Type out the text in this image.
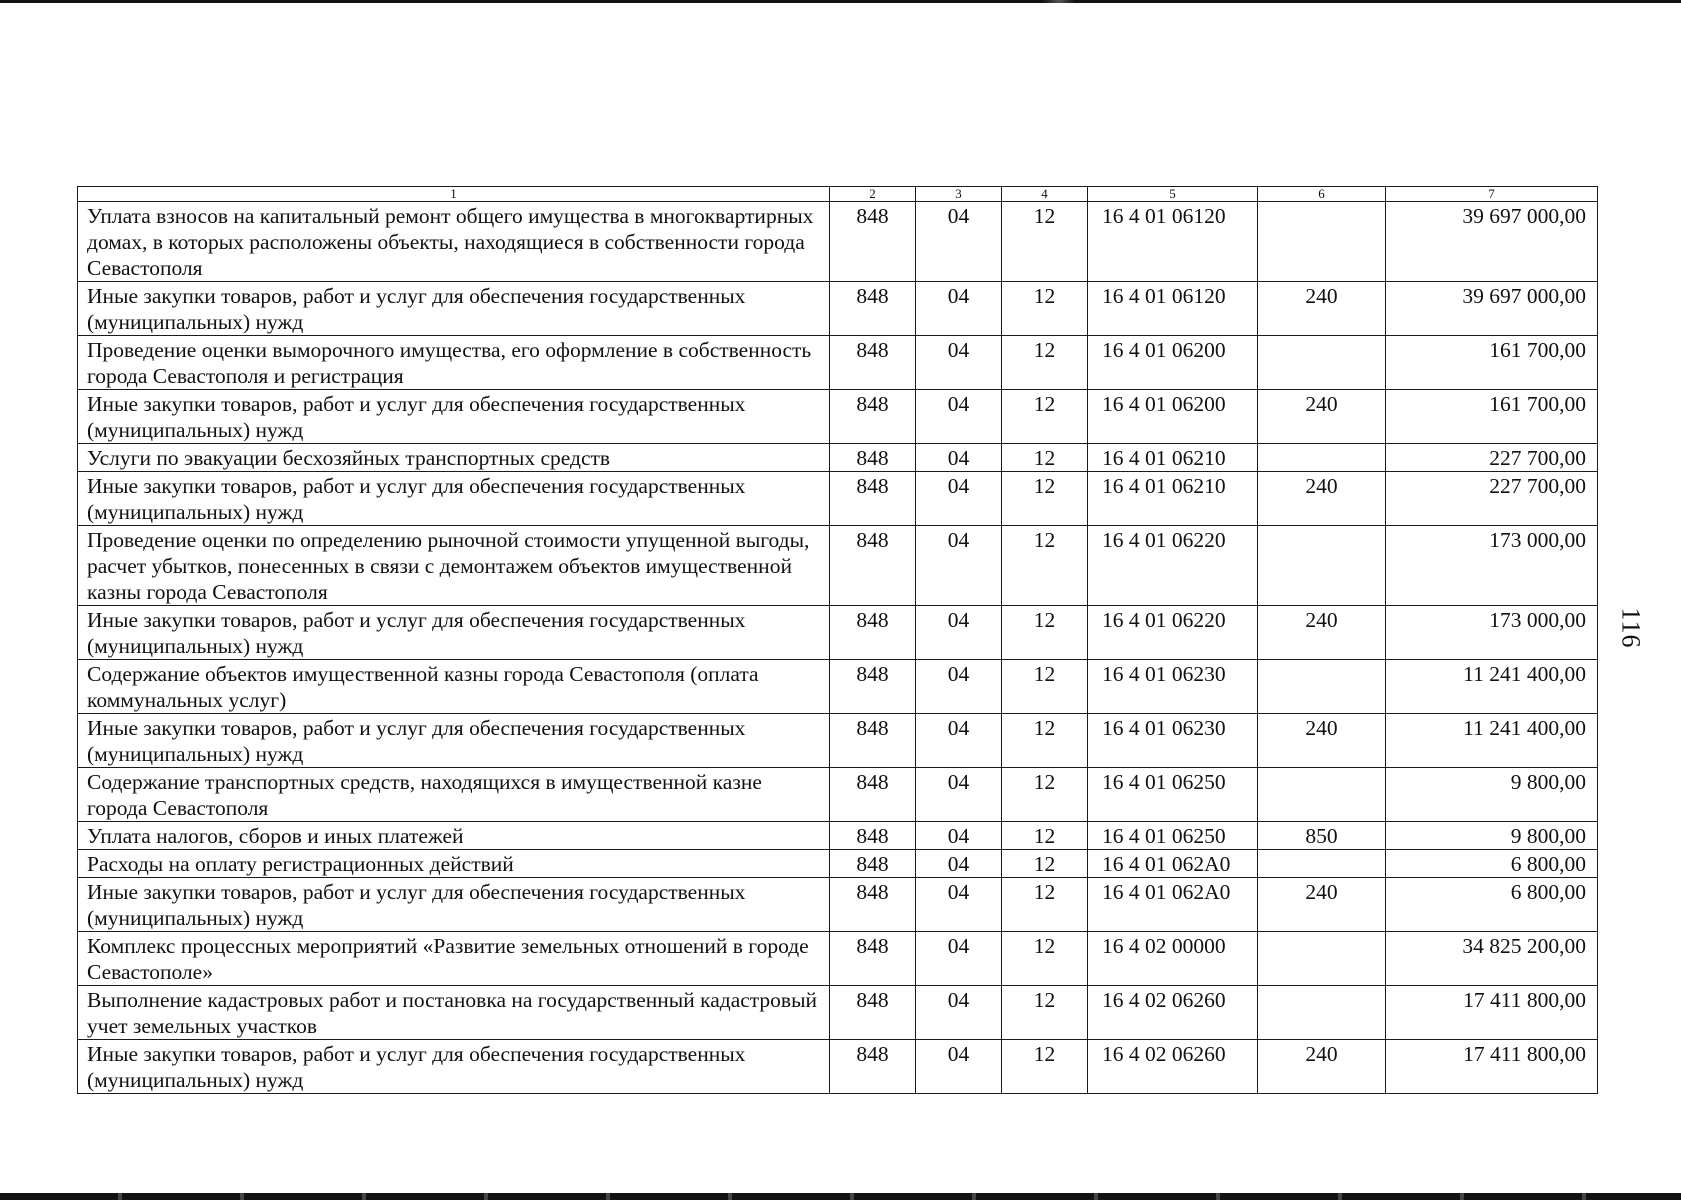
1	2	3	4	5	6	7
Уплата взносов на капитальный ремонт общего имущества в многоквартирных домах, в которых расположены объекты, находящиеся в собственности города Севастополя	848	04	12	16 4 01 06120		39 697 000,00
Иные закупки товаров, работ и услуг для обеспечения государственных (муниципальных) нужд	848	04	12	16 4 01 06120	240	39 697 000,00
Проведение оценки выморочного имущества, его оформление в собственность города Севастополя и регистрация	848	04	12	16 4 01 06200		161 700,00
Иные закупки товаров, работ и услуг для обеспечения государственных (муниципальных) нужд	848	04	12	16 4 01 06200	240	161 700,00
Услуги по эвакуации бесхозяйных транспортных средств	848	04	12	16 4 01 06210		227 700,00
Иные закупки товаров, работ и услуг для обеспечения государственных (муниципальных) нужд	848	04	12	16 4 01 06210	240	227 700,00
Проведение оценки по определению рыночной стоимости упущенной выгоды, расчет убытков, понесенных в связи с демонтажем объектов имущественной казны города Севастополя	848	04	12	16 4 01 06220		173 000,00
Иные закупки товаров, работ и услуг для обеспечения государственных (муниципальных) нужд	848	04	12	16 4 01 06220	240	173 000,00
Содержание объектов имущественной казны города Севастополя (оплата коммунальных услуг)	848	04	12	16 4 01 06230		11 241 400,00
Иные закупки товаров, работ и услуг для обеспечения государственных (муниципальных) нужд	848	04	12	16 4 01 06230	240	11 241 400,00
Содержание транспортных средств, находящихся в имущественной казне города Севастополя	848	04	12	16 4 01 06250		9 800,00
Уплата налогов, сборов и иных платежей	848	04	12	16 4 01 06250	850	9 800,00
Расходы на оплату регистрационных действий	848	04	12	16 4 01 062A0		6 800,00
Иные закупки товаров, работ и услуг для обеспечения государственных (муниципальных) нужд	848	04	12	16 4 01 062A0	240	6 800,00
Комплекс процессных мероприятий «Развитие земельных отношений в городе Севастополе»	848	04	12	16 4 02 00000		34 825 200,00
Выполнение кадастровых работ и постановка на государственный кадастровый учет земельных участков	848	04	12	16 4 02 06260		17 411 800,00
Иные закупки товаров, работ и услуг для обеспечения государственных (муниципальных) нужд	848	04	12	16 4 02 06260	240	17 411 800,00
116
